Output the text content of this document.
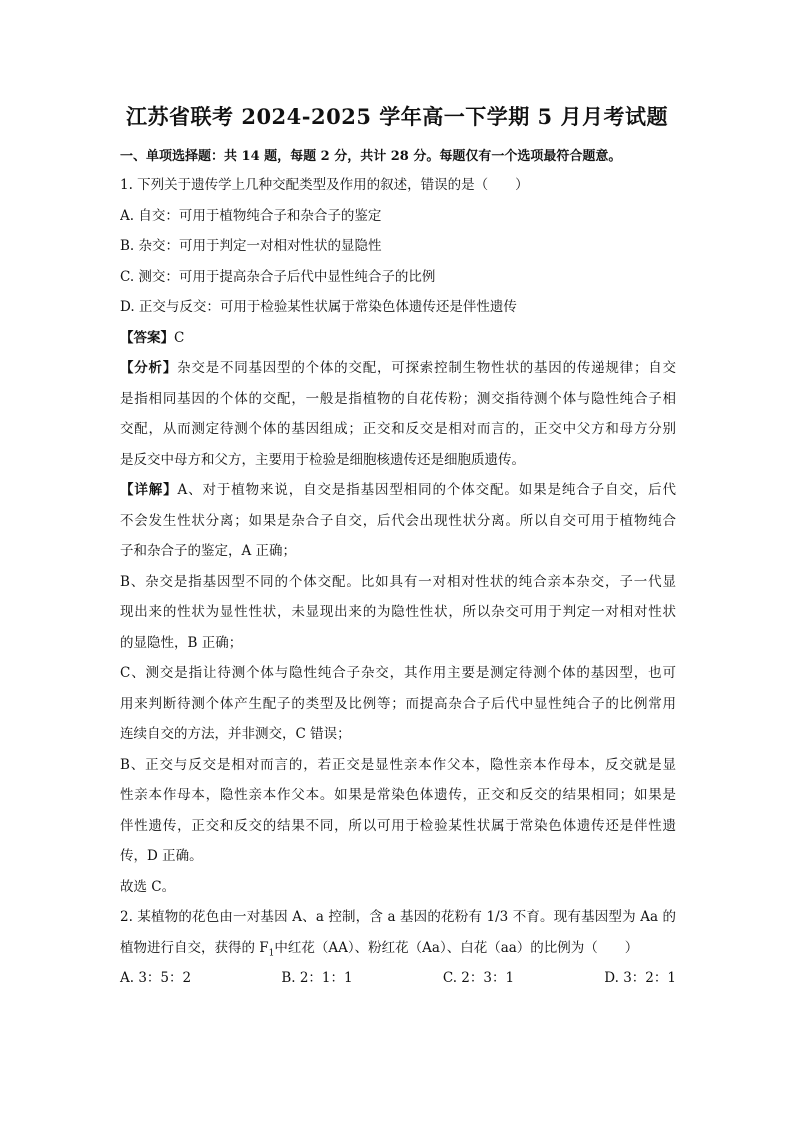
江苏省联考 2024-2025 学年高一下学期 5 月月考试题
一、单项选择题：共 14 题，每题 2 分，共计 28 分。每题仅有一个选项最符合题意。
1. 下列关于遗传学上几种交配类型及作用的叙述，错误的是（　　）
A. 自交：可用于植物纯合子和杂合子的鉴定
B. 杂交：可用于判定一对相对性状的显隐性
C. 测交：可用于提高杂合子后代中显性纯合子的比例
D. 正交与反交：可用于检验某性状属于常染色体遗传还是伴性遗传
【答案】C
【分析】杂交是不同基因型的个体的交配，可探索控制生物性状的基因的传递规律；自交
是指相同基因的个体的交配，一般是指植物的自花传粉；测交指待测个体与隐性纯合子相
交配，从而测定待测个体的基因组成；正交和反交是相对而言的，正交中父方和母方分别
是反交中母方和父方，主要用于检验是细胞核遗传还是细胞质遗传。
【详解】A、对于植物来说，自交是指基因型相同的个体交配。如果是纯合子自交，后代
不会发生性状分离；如果是杂合子自交，后代会出现性状分离。所以自交可用于植物纯合
子和杂合子的鉴定，A 正确；
B、杂交是指基因型不同的个体交配。比如具有一对相对性状的纯合亲本杂交，子一代显
现出来的性状为显性性状，未显现出来的为隐性性状，所以杂交可用于判定一对相对性状
的显隐性，B 正确；
C、测交是指让待测个体与隐性纯合子杂交，其作用主要是测定待测个体的基因型，也可
用来判断待测个体产生配子的类型及比例等；而提高杂合子后代中显性纯合子的比例常用
连续自交的方法，并非测交，C 错误；
B、正交与反交是相对而言的，若正交是显性亲本作父本，隐性亲本作母本，反交就是显
性亲本作母本，隐性亲本作父本。如果是常染色体遗传，正交和反交的结果相同；如果是
伴性遗传，正交和反交的结果不同，所以可用于检验某性状属于常染色体遗传还是伴性遗
传，D 正确。
故选 C。
2. 某植物的花色由一对基因 A、a 控制，含 a 基因的花粉有 1/3 不育。现有基因型为 Aa 的
植物进行自交，获得的 $F_1$中红花（AA）、粉红花（Aa）、白花（aa）的比例为（　　）
A. 3：5：2	B. 2：1：1	C. 2：3：1	D. 3：2：1
